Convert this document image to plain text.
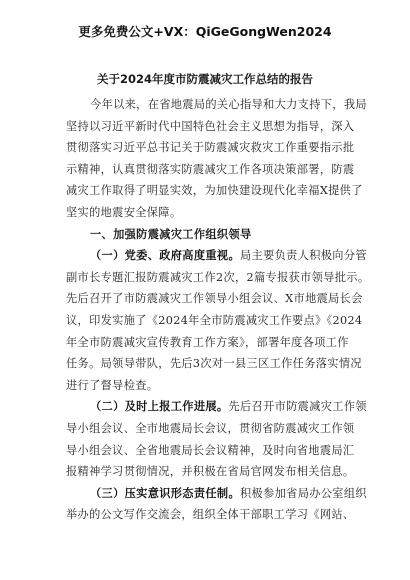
更多免费公文+VX：QiGeGongWen2024
关于2024年度市防震减灾工作总结的报告
今年以来，在省地震局的关心指导和大力支持下，我局
坚持以习近平新时代中国特色社会主义思想为指导，深入
贯彻落实习近平总书记关于防震减灾救灾工作重要指示批
示精神，认真贯彻落实防震减灾工作各项决策部署，防震
减灾工作取得了明显实效，为加快建设现代化幸福X提供了
坚实的地震安全保障。
一、加强防震减灾工作组织领导
（一）党委、政府高度重视。局主要负责人积极向分管
副市长专题汇报防震减灾工作2次，2篇专报获市领导批示。
先后召开了市防震减灾工作领导小组会议、X市地震局长会
议，印发实施了《2024年全市防震减灾工作要点》《2024
年全市防震减灾宣传教育工作方案》，部署年度各项工作
任务。局领导带队，先后3次对一县三区工作任务落实情况
进行了督导检查。
（二）及时上报工作进展。先后召开市防震减灾工作领
导小组会议、全市地震局长会议，贯彻省防震减灾工作领
导小组会议、全省地震局长会议精神，及时向省地震局汇
报精神学习贯彻情况，并积极在省局官网发布相关信息。
（三）压实意识形态责任制。积极参加省局办公室组织
举办的公文写作交流会，组织全体干部职工学习《网站、
